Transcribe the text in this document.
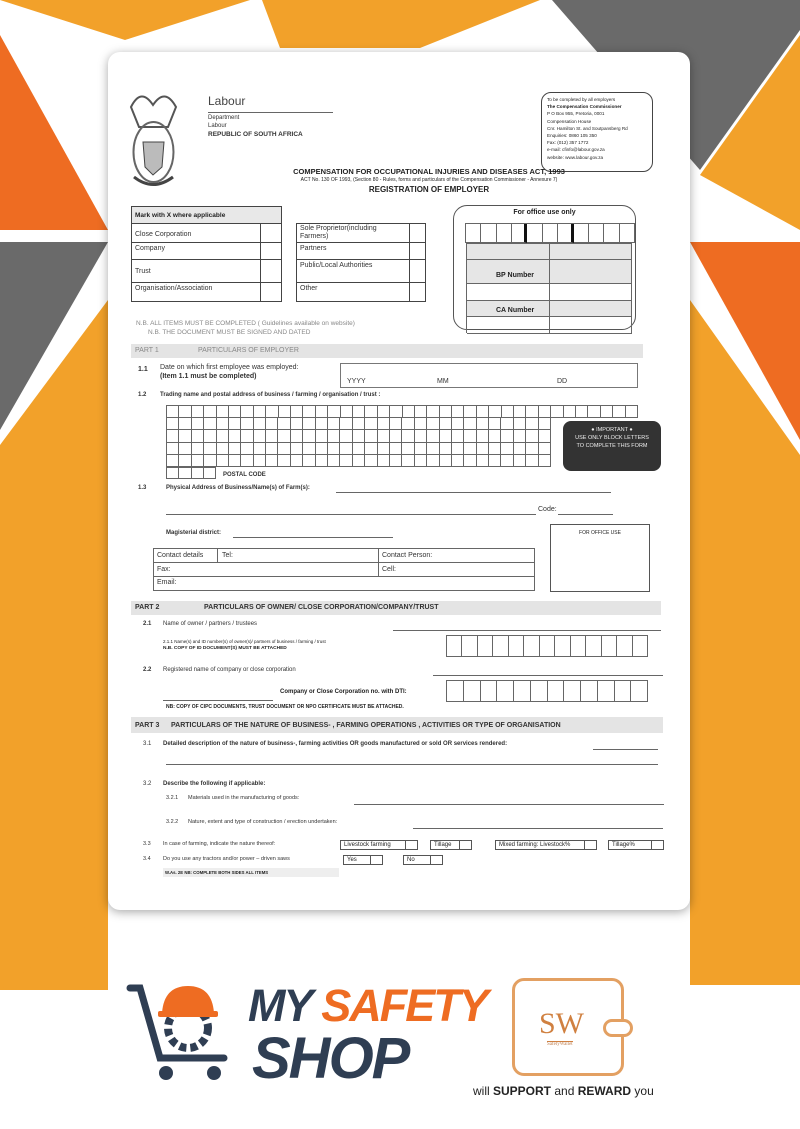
Labour
Department
Labour
REPUBLIC OF SOUTH AFRICA
To be completed by all employers
The Compensation Commissioner
P O Box 955, Pretoria, 0001
Compensation House
Cnr. Hamilton St. and Soutpansberg Rd
Enquiries: 0860 105 350
Fax: (012) 357 1772
e-mail: cfinfo@labour.gov.za
website: www.labour.gov.za
COMPENSATION FOR OCCUPATIONAL INJURIES AND DISEASES ACT, 1993
ACT No. 130 OF 1993, (Section 80 - Rules, forms and particulars of the Compensation Commissioner - Annexure 7)
REGISTRATION OF EMPLOYER
Mark with X where applicable
Close Corporation
Company
Trust
Organisation/Association
Sole Proprietor(including Farmers)
Partners
Public/Local Authorities
Other
For office use only
BP Number
CA Number
N.B. ALL ITEMS MUST BE COMPLETED ( Guidelines available on website)
N.B. THE DOCUMENT MUST BE SIGNED AND DATED
PART 1	PARTICULARS OF EMPLOYER
1.1 Date on which first employee was employed:
(Item 1.1 must be completed)
YYYY	MM	DD
1.2 Trading name and postal address of business / farming / organisation / trust :
POSTAL CODE
● IMPORTANT ●
USE ONLY BLOCK LETTERS TO COMPLETE THIS FORM
1.3	Physical Address of Business/Name(s) of Farm(s):
Code:
Magisterial district:	FOR OFFICE USE
Contact details	Tel:	Contact Person:
Fax:	Cell:
Email:
PART 2	PARTICULARS OF OWNER/ CLOSE CORPORATION/COMPANY/TRUST
2.1 Name of owner / partners / trustees
2.1.1 Name(s) and ID number(s) of owner(s)/ partners of business / farming / trust
N.B. COPY OF ID DOCUMENT(S) MUST BE ATTACHED
2.2 Registered name of company or close corporation
Company or Close Corporation no. with DTI:
NB: COPY OF CIPC DOCUMENTS, TRUST DOCUMENT OR NPO CERTIFICATE MUST BE ATTACHED.
PART 3 PARTICULARS OF THE NATURE OF BUSINESS- , FARMING OPERATIONS , ACTIVITIES OR TYPE OF ORGANISATION
3.1 Detailed description of the nature of business-, farming activities OR goods manufactured or sold OR services rendered:
3.2 Describe the following if applicable:
3.2.1 Materials used in the manufacturing of goods:
3.2.2 Nature, extent and type of construction / erection undertaken:
3.3 In case of farming, indicate the nature thereof:	Livestock farming	Tillage	Mixed farming: Livestock%	Tillage%
3.4 Do you use any tractors and/or power – driven saws	Yes	No
W.As. 2E NB: COMPLETE BOTH SIDES ALL ITEMS
MY SAFETY
SHOP
SW
SafetyWallet
will SUPPORT and REWARD you
